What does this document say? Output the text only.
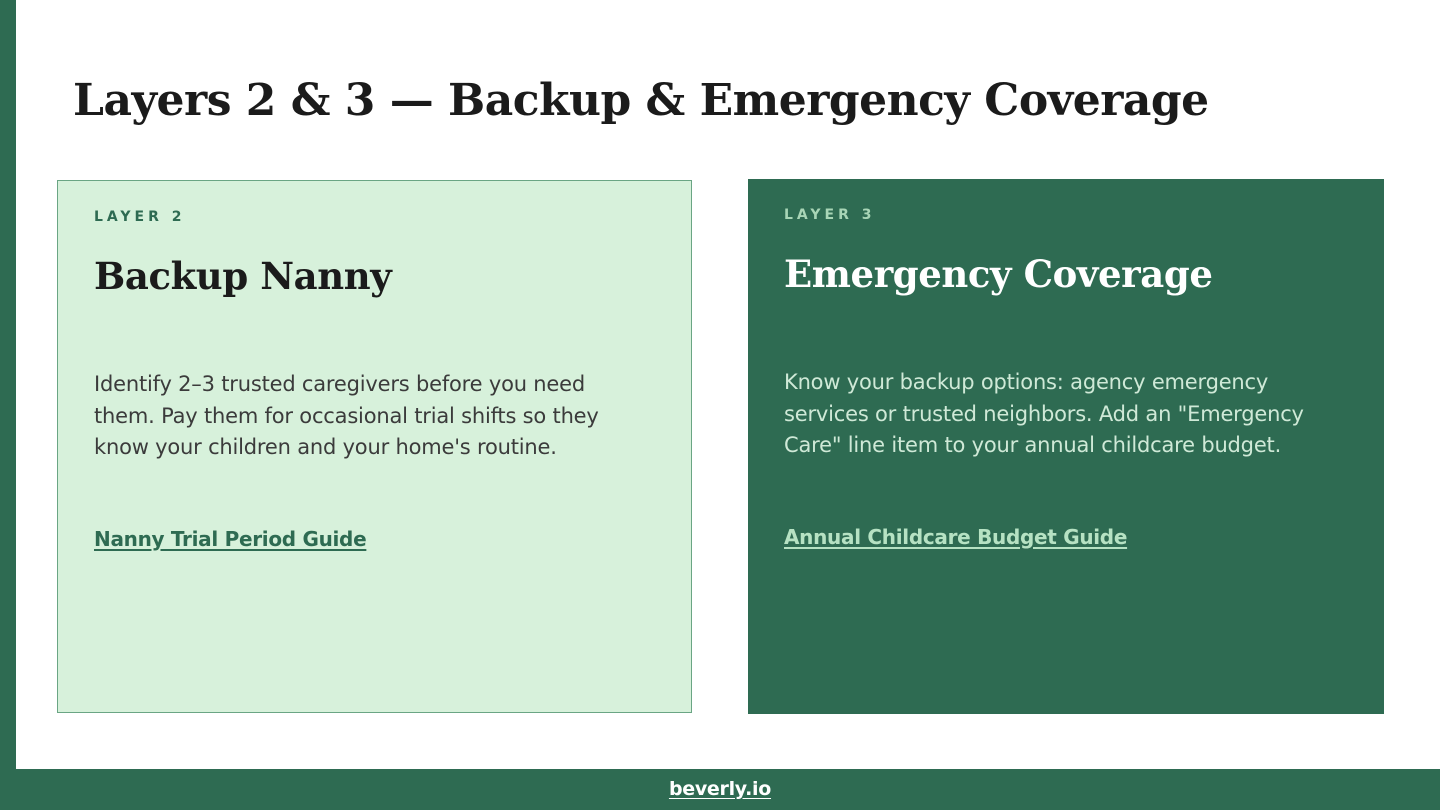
Layers 2 & 3 — Backup & Emergency Coverage
LAYER 2
Backup Nanny

Identify 2–3 trusted caregivers before you need them. Pay them for occasional trial shifts so they know your children and your home's routine.

Nanny Trial Period Guide
LAYER 3
Emergency Coverage

Know your backup options: agency emergency services or trusted neighbors. Add an "Emergency Care" line item to your annual childcare budget.

Annual Childcare Budget Guide
beverly.io
